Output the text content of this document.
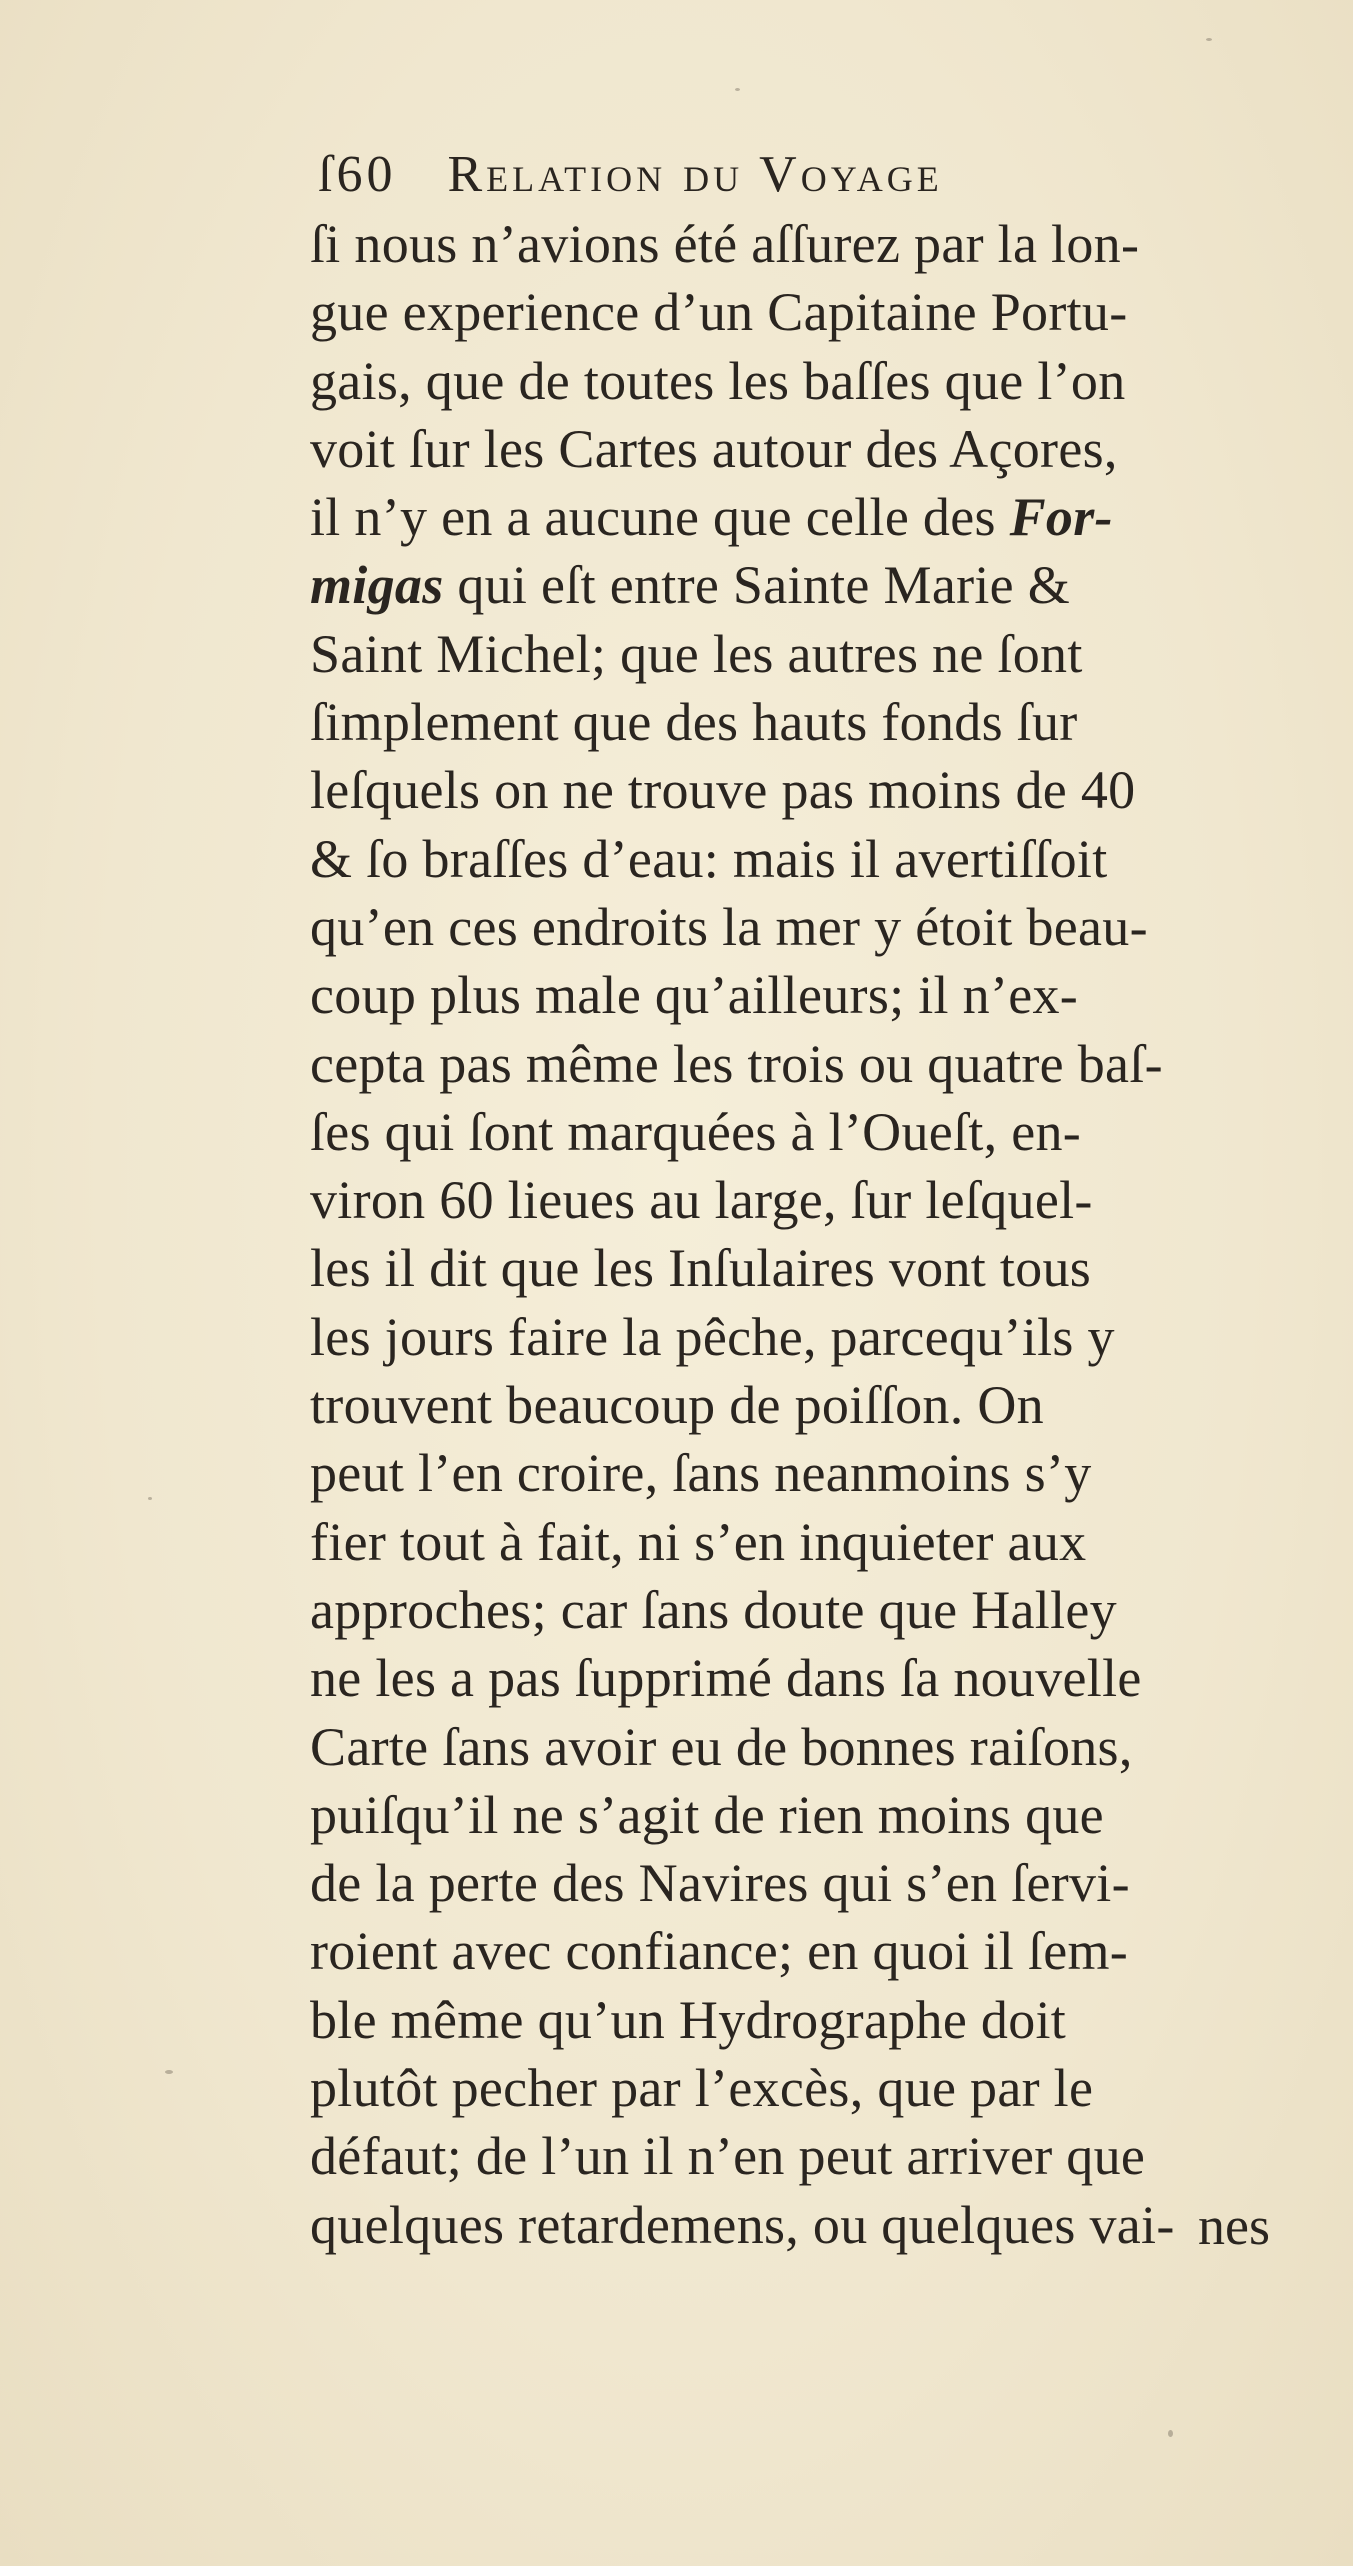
ſ60 Relation du Voyage
ſi nous n’avions été aſſurez par la lon-
gue experience d’un Capitaine Portu-
gais, que de toutes les baſſes que l’on
voit ſur les Cartes autour des Açores,
il n’y en a aucune que celle des For-
migas qui eſt entre Sainte Marie &
Saint Michel; que les autres ne ſont
ſimplement que des hauts fonds ſur
leſquels on ne trouve pas moins de 40
& ſo braſſes d’eau: mais il avertiſſoit
qu’en ces endroits la mer y étoit beau-
coup plus male qu’ailleurs; il n’ex-
cepta pas même les trois ou quatre baſ-
ſes qui ſont marquées à l’Oueſt, en-
viron 60 lieues au large, ſur leſquel-
les il dit que les Inſulaires vont tous
les jours faire la pêche, parcequ’ils y
trouvent beaucoup de poiſſon. On
peut l’en croire, ſans neanmoins s’y
fier tout à fait, ni s’en inquieter aux
approches; car ſans doute que Halley
ne les a pas ſupprimé dans ſa nouvelle
Carte ſans avoir eu de bonnes raiſons,
puiſqu’il ne s’agit de rien moins que
de la perte des Navires qui s’en ſervi-
roient avec confiance; en quoi il ſem-
ble même qu’un Hydrographe doit
plutôt pecher par l’excès, que par le
défaut; de l’un il n’en peut arriver que
quelques retardemens, ou quelques vai- nes
